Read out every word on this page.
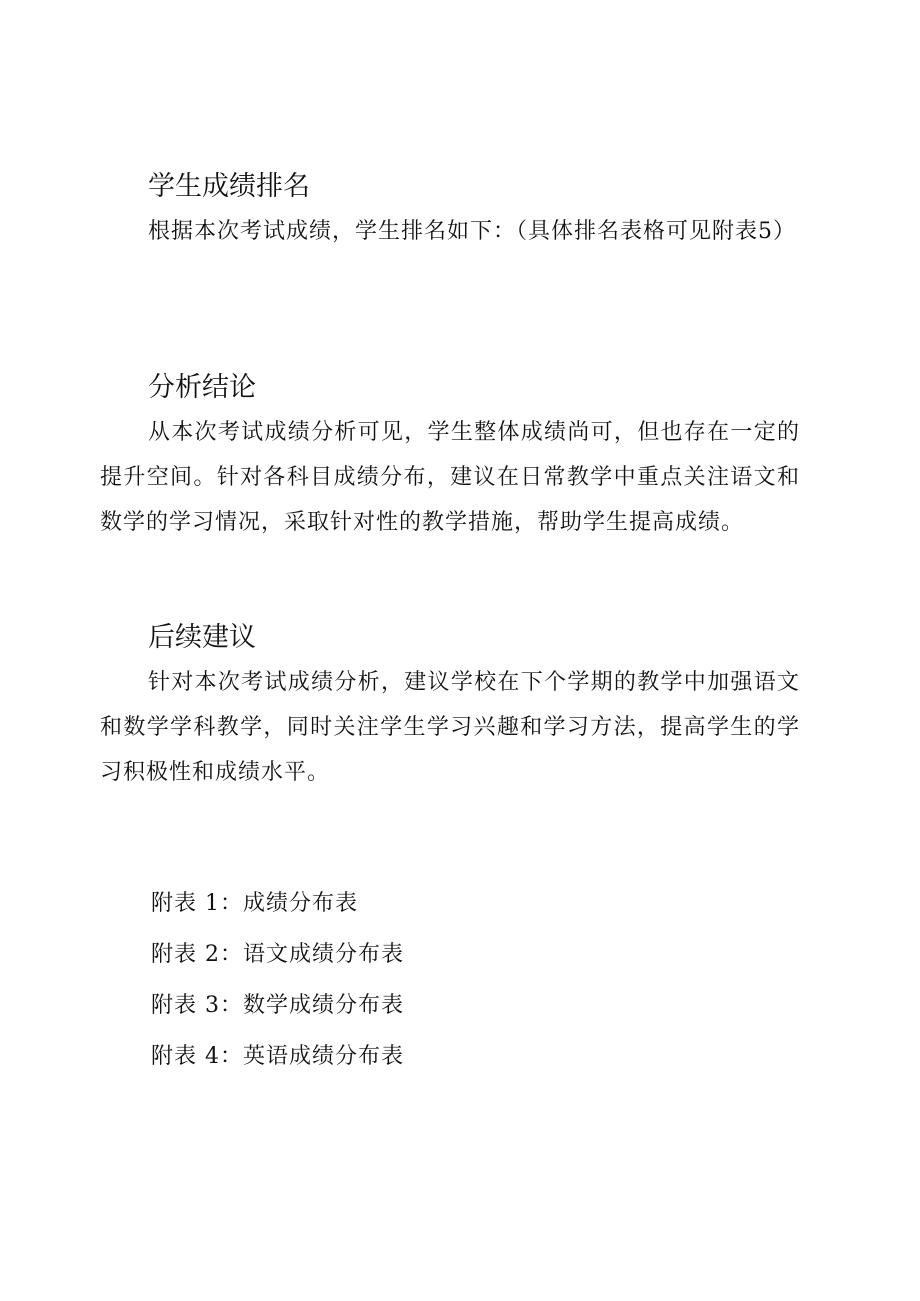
学生成绩排名

根据本次考试成绩，学生排名如下：（具体排名表格可见附表5）

分析结论

从本次考试成绩分析可见，学生整体成绩尚可，但也存在一定的提升空间。针对各科目成绩分布，建议在日常教学中重点关注语文和数学的学习情况，采取针对性的教学措施，帮助学生提高成绩。

后续建议

针对本次考试成绩分析，建议学校在下个学期的教学中加强语文和数学学科教学，同时关注学生学习兴趣和学习方法，提高学生的学习积极性和成绩水平。

附表 1：成绩分布表
附表 2：语文成绩分布表
附表 3：数学成绩分布表
附表 4：英语成绩分布表
